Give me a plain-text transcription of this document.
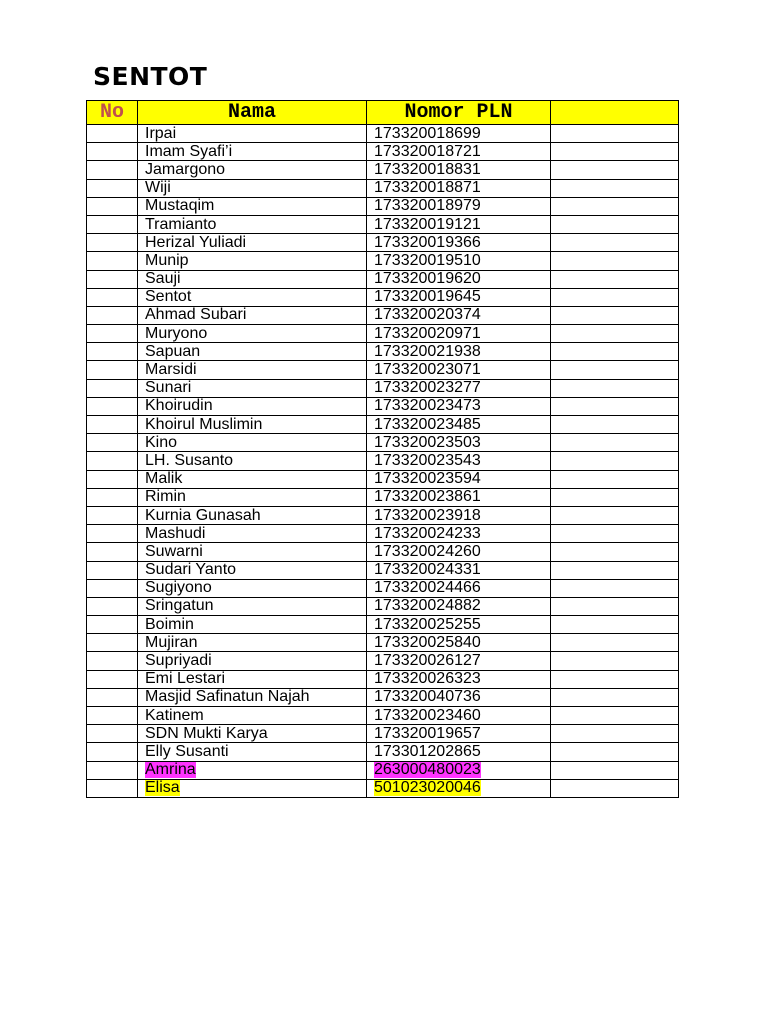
SENTOT
No	Nama	Nomor PLN	
	Irpai	173320018699	
	Imam Syafi’i	173320018721	
	Jamargono	173320018831	
	Wiji	173320018871	
	Mustaqim	173320018979	
	Tramianto	173320019121	
	Herizal Yuliadi	173320019366	
	Munip	173320019510	
	Sauji	173320019620	
	Sentot	173320019645	
	Ahmad Subari	173320020374	
	Muryono	173320020971	
	Sapuan	173320021938	
	Marsidi	173320023071	
	Sunari	173320023277	
	Khoirudin	173320023473	
	Khoirul Muslimin	173320023485	
	Kino	173320023503	
	LH. Susanto	173320023543	
	Malik	173320023594	
	Rimin	173320023861	
	Kurnia Gunasah	173320023918	
	Mashudi	173320024233	
	Suwarni	173320024260	
	Sudari Yanto	173320024331	
	Sugiyono	173320024466	
	Sringatun	173320024882	
	Boimin	173320025255	
	Mujiran	173320025840	
	Supriyadi	173320026127	
	Emi Lestari	173320026323	
	Masjid Safinatun Najah	173320040736	
	Katinem	173320023460	
	SDN Mukti Karya	173320019657	
	Elly Susanti	173301202865	
	Amrina	263000480023	
	Elisa	501023020046	
